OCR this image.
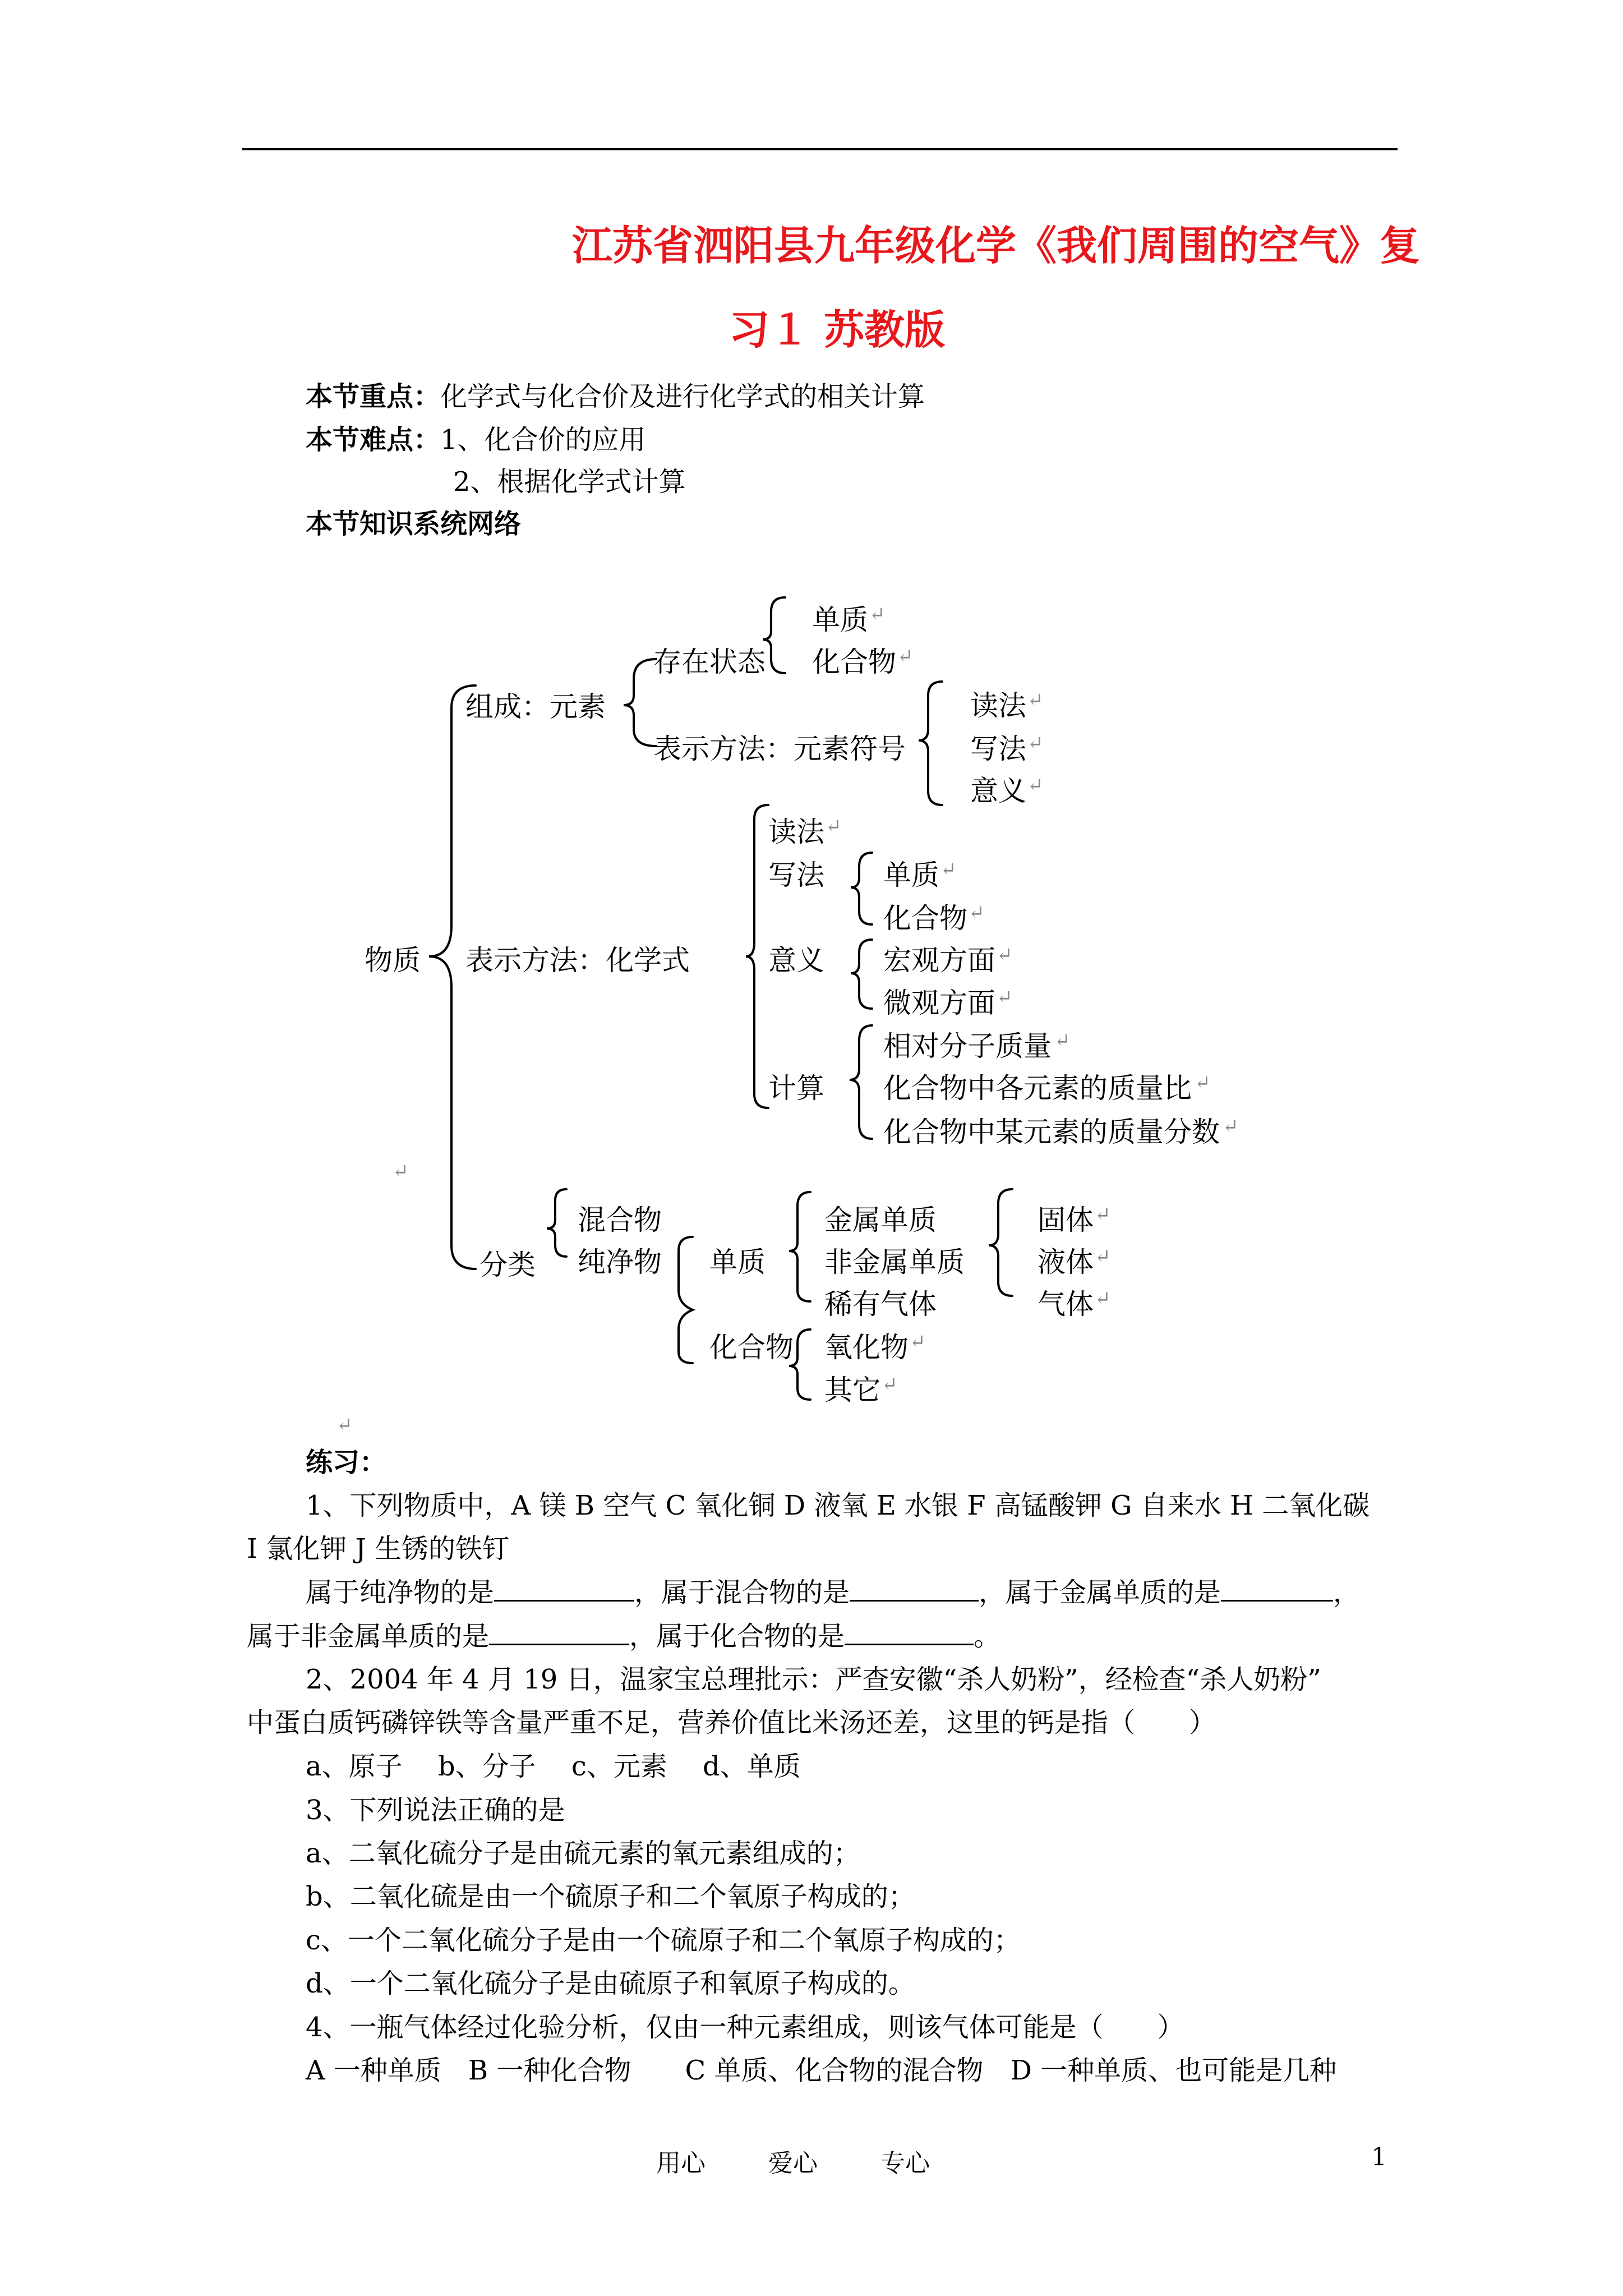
江苏省泗阳县九年级化学《我们周围的空气》复
习１ 苏教版
本节重点：化学式与化合价及进行化学式的相关计算
本节难点：1、化合价的应用
2、根据化学式计算
本节知识系统网络
物质
组成：元素
存在状态
单质 ↵
化合物 ↵
表示方法：元素符号
读法 ↵
写法 ↵
意义 ↵
表示方法：化学式
读法 ↵
写法 单质 ↵
化合物 ↵
意义 宏观方面 ↵
微观方面 ↵
计算
相对分子质量 ↵
化合物中各元素的质量比 ↵
化合物中某元素的质量分数 ↵
↵
分类
混合物
纯净物 单质
金属单质
非金属单质
稀有气体
固体 ↵
液体 ↵
气体 ↵
化合物 氧化物 ↵
其它 ↵
↵
练习：
1、下列物质中，A 镁 B 空气 C 氧化铜 D 液氧 E 水银 F 高锰酸钾 G 自来水 H 二氧化碳
I 氯化钾 J 生锈的铁钉
属于纯净物的是	，属于混合物的是	，属于金属单质的是	，
属于非金属单质的是	，属于化合物的是	。
2、2004 年 4 月 19 日，温家宝总理批示：严查安徽“杀人奶粉”，经检查“杀人奶粉”
中蛋白质钙磷锌铁等含量严重不足，营养价值比米汤还差，这里的钙是指（　　）
a、原子　 b、分子　 c、元素　 d、单质
3、下列说法正确的是
a、二氧化硫分子是由硫元素的氧元素组成的；
b、二氧化硫是由一个硫原子和二个氧原子构成的；
c、一个二氧化硫分子是由一个硫原子和二个氧原子构成的；
d、一个二氧化硫分子是由硫原子和氧原子构成的。
4、一瓶气体经过化验分析，仅由一种元素组成，则该气体可能是（　　）
A 一种单质　B 一种化合物　　C 单质、化合物的混合物　D 一种单质、也可能是几种
用心	爱心	专心	1
